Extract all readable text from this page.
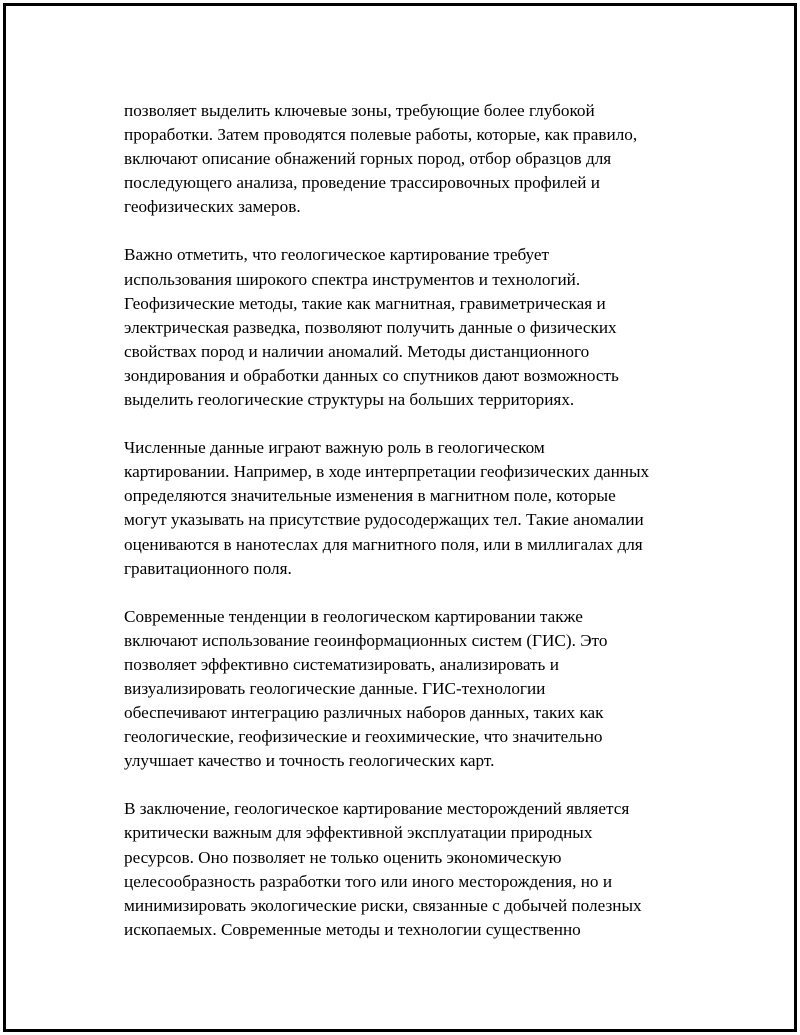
позволяет выделить ключевые зоны, требующие более глубокой
проработки. Затем проводятся полевые работы, которые, как правило,
включают описание обнажений горных пород, отбор образцов для
последующего анализа, проведение трассировочных профилей и
геофизических замеров.

Важно отметить, что геологическое картирование требует
использования широкого спектра инструментов и технологий.
Геофизические методы, такие как магнитная, гравиметрическая и
электрическая разведка, позволяют получить данные о физических
свойствах пород и наличии аномалий. Методы дистанционного
зондирования и обработки данных со спутников дают возможность
выделить геологические структуры на больших территориях.

Численные данные играют важную роль в геологическом
картировании. Например, в ходе интерпретации геофизических данных
определяются значительные изменения в магнитном поле, которые
могут указывать на присутствие рудосодержащих тел. Такие аномалии
оцениваются в нанотеслах для магнитного поля, или в миллигалах для
гравитационного поля.

Современные тенденции в геологическом картировании также
включают использование геоинформационных систем (ГИС). Это
позволяет эффективно систематизировать, анализировать и
визуализировать геологические данные. ГИС-технологии
обеспечивают интеграцию различных наборов данных, таких как
геологические, геофизические и геохимические, что значительно
улучшает качество и точность геологических карт.

В заключение, геологическое картирование месторождений является
критически важным для эффективной эксплуатации природных
ресурсов. Оно позволяет не только оценить экономическую
целесообразность разработки того или иного месторождения, но и
минимизировать экологические риски, связанные с добычей полезных
ископаемых. Современные методы и технологии существенно
